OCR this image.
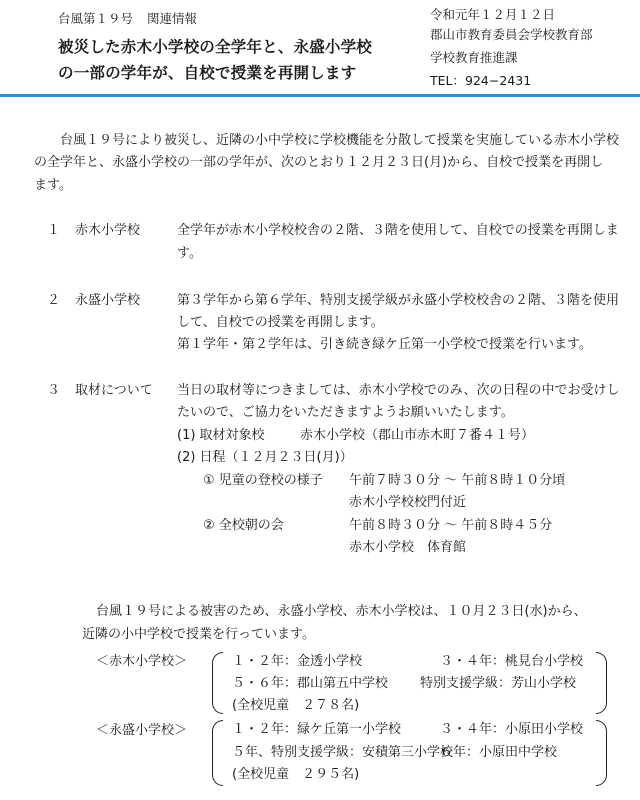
台風第１９号 関連情報
被災した赤木小学校の全学年と、永盛小学校
の一部の学年が、自校で授業を再開します
令和元年１２月１２日
郡山市教育委員会学校教育部
学校教育推進課
TEL：924−2431
台風１９号により被災し、近隣の小中学校に学校機能を分散して授業を実施している赤木小学校
の全学年と、永盛小学校の一部の学年が、次のとおり１２月２３日(月)から、自校で授業を再開し
ます。
１ 赤木小学校	全学年が赤木小学校校舎の２階、３階を使用して、自校での授業を再開しま
す。
２ 永盛小学校	第３学年から第６学年、特別支援学級が永盛小学校校舎の２階、３階を使用
して、自校での授業を再開します。
第１学年・第２学年は、引き続き緑ケ丘第一小学校で授業を行います。
３ 取材について 当日の取材等につきましては、赤木小学校でのみ、次の日程の中でお受けし
たいので、ご協力をいただきますようお願いいたします。
(1) 取材対象校	赤木小学校（郡山市赤木町７番４１号）
(2) 日程（１２月２３日(月)）
① 児童の登校の様子 午前７時３０分 〜 午前８時１０分頃
赤木小学校校門付近
② 全校朝の会	午前８時３０分 〜 午前８時４５分
赤木小学校　体育館
台風１９号による被害のため、永盛小学校、赤木小学校は、１０月２３日(水)から、
近隣の小中学校で授業を行っています。
＜赤木小学校＞	１・２年：金透小学校	３・４年：桃見台小学校
５・６年：郡山第五中学校 特別支援学級：芳山小学校
(全校児童　２７８名)
＜永盛小学校＞	１・２年：緑ケ丘第一小学校	３・４年：小原田小学校
５年、特別支援学級：安積第三小学校
６年：小原田中学校
(全校児童　２９５名)
